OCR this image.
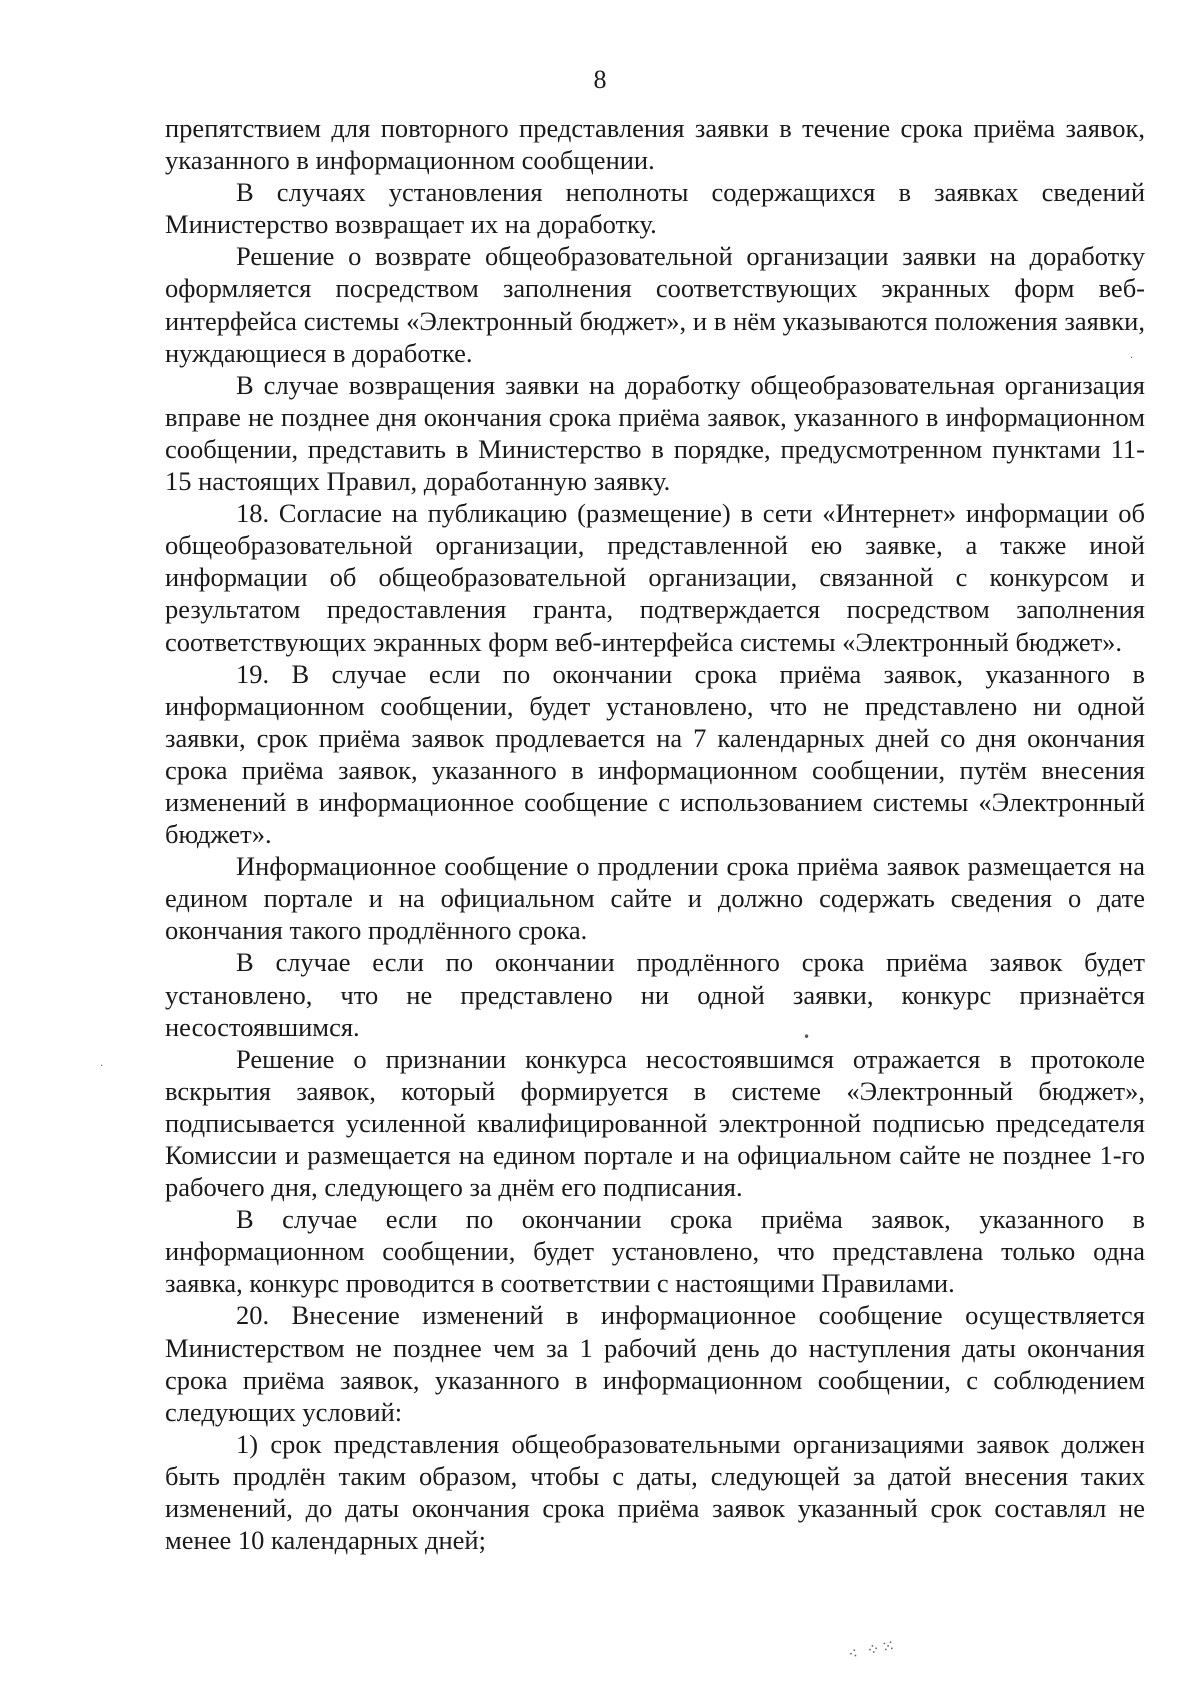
8

препятствием для повторного представления заявки в течение срока приёма заявок, указанного в информационном сообщении.

В случаях установления неполноты содержащихся в заявках сведений Министерство возвращает их на доработку.

Решение о возврате общеобразовательной организации заявки на доработку оформляется посредством заполнения соответствующих экранных форм веб-интерфейса системы «Электронный бюджет», и в нём указываются положения заявки, нуждающиеся в доработке.

В случае возвращения заявки на доработку общеобразовательная организация вправе не позднее дня окончания срока приёма заявок, указанного в информационном сообщении, представить в Министерство в порядке, предусмотренном пунктами 11-15 настоящих Правил, доработанную заявку.

18. Согласие на публикацию (размещение) в сети «Интернет» информации об общеобразовательной организации, представленной ею заявке, а также иной информации об общеобразовательной организации, связанной с конкурсом и результатом предоставления гранта, подтверждается посредством заполнения соответствующих экранных форм веб-интерфейса системы «Электронный бюджет».

19. В случае если по окончании срока приёма заявок, указанного в информационном сообщении, будет установлено, что не представлено ни одной заявки, срок приёма заявок продлевается на 7 календарных дней со дня окончания срока приёма заявок, указанного в информационном сообщении, путём внесения изменений в информационное сообщение с использованием системы «Электронный бюджет».

Информационное сообщение о продлении срока приёма заявок размещается на едином портале и на официальном сайте и должно содержать сведения о дате окончания такого продлённого срока.

В случае если по окончании продлённого срока приёма заявок будет установлено, что не представлено ни одной заявки, конкурс признаётся несостоявшимся.

Решение о признании конкурса несостоявшимся отражается в протоколе вскрытия заявок, который формируется в системе «Электронный бюджет», подписывается усиленной квалифицированной электронной подписью председателя Комиссии и размещается на едином портале и на официальном сайте не позднее 1-го рабочего дня, следующего за днём его подписания.

В случае если по окончании срока приёма заявок, указанного в информационном сообщении, будет установлено, что представлена только одна заявка, конкурс проводится в соответствии с настоящими Правилами.

20. Внесение изменений в информационное сообщение осуществляется Министерством не позднее чем за 1 рабочий день до наступления даты окончания срока приёма заявок, указанного в информационном сообщении, с соблюдением следующих условий:

1) срок представления общеобразовательными организациями заявок должен быть продлён таким образом, чтобы с даты, следующей за датой внесения таких изменений, до даты окончания срока приёма заявок указанный срок составлял не менее 10 календарных дней;

.
•
.
⁖ ⁘⁙
